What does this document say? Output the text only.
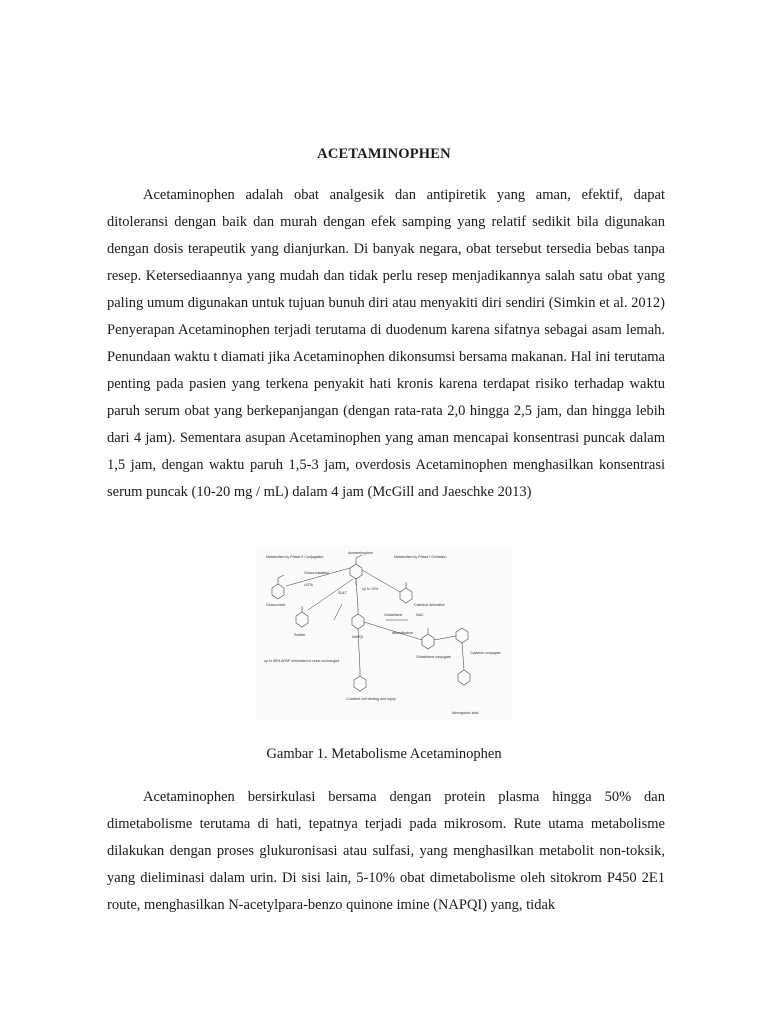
ACETAMINOPHEN

Acetaminophen adalah obat analgesik dan antipiretik yang aman, efektif, dapat ditoleransi dengan baik dan murah dengan efek samping yang relatif sedikit bila digunakan dengan dosis terapeutik yang dianjurkan. Di banyak negara, obat tersebut tersedia bebas tanpa resep. Ketersediaannya yang mudah dan tidak perlu resep menjadikannya salah satu obat yang paling umum digunakan untuk tujuan bunuh diri atau menyakiti diri sendiri (Simkin et al. 2012) Penyerapan Acetaminophen terjadi terutama di duodenum karena sifatnya sebagai asam lemah. Penundaan waktu t diamati jika Acetaminophen dikonsumsi bersama makanan. Hal ini terutama penting pada pasien yang terkena penyakit hati kronis karena terdapat risiko terhadap waktu paruh serum obat yang berkepanjangan (dengan rata-rata 2,0 hingga 2,5 jam, dan hingga lebih dari 4 jam). Sementara asupan Acetaminophen yang aman mencapai konsentrasi puncak dalam 1,5 jam, dengan waktu paruh 1,5-3 jam, overdosis Acetaminophen menghasilkan konsentrasi serum puncak (10-20 mg / mL) dalam 4 jam (McGill and Jaeschke 2013)

Acetaminophen
Metabolism by Phase II Conjugation	Metabolism by Phase I Oxidation
Glucuronidation
SULT
UGTs
up to 10%
Glucuronide
Sulfate	NAPQI
Catechol derivative
Glutathione	NAC
detoxification
Glutathione conjugate
Covalent cell binding and injury
Mercapturic acid
Cysteine conjugate
up to 85% APAP eliminated in urine unchanged
Gambar 1. Metabolisme Acetaminophen

Acetaminophen bersirkulasi bersama dengan protein plasma hingga 50% dan dimetabolisme terutama di hati, tepatnya terjadi pada mikrosom. Rute utama metabolisme dilakukan dengan proses glukuronisasi atau sulfasi, yang menghasilkan metabolit non-toksik, yang dieliminasi dalam urin. Di sisi lain, 5-10% obat dimetabolisme oleh sitokrom P450 2E1 route, menghasilkan N-acetylpara-benzo quinone imine (NAPQI) yang, tidak
